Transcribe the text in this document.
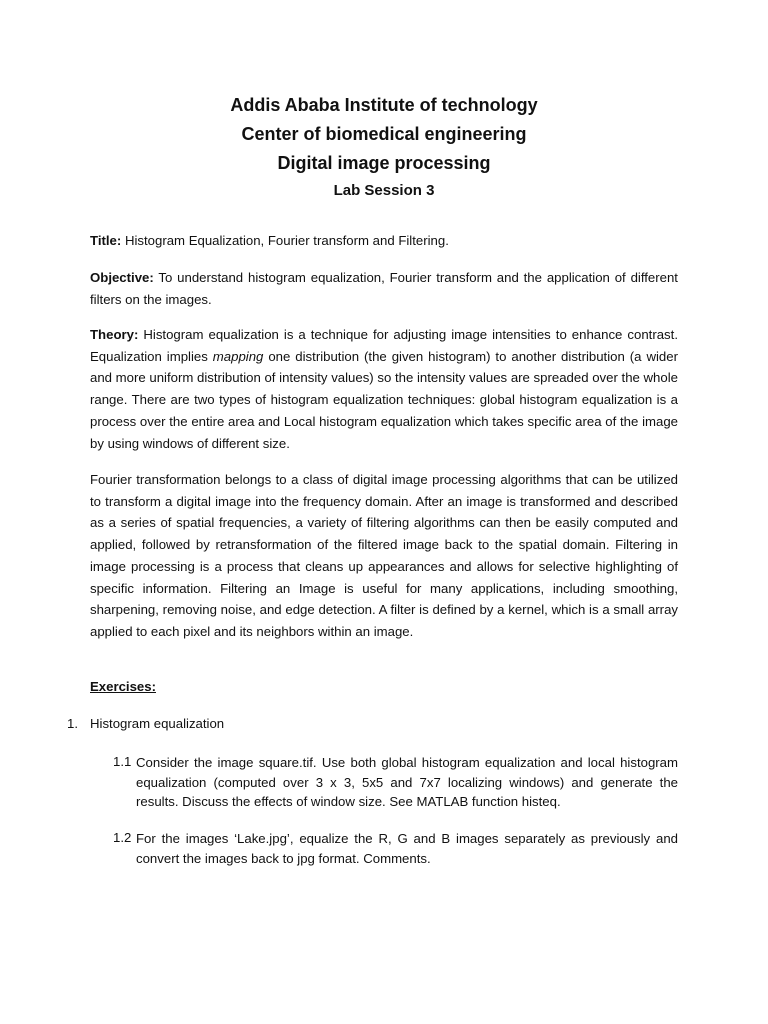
Addis Ababa Institute of technology
Center of biomedical engineering
Digital image processing
Lab Session 3
Title: Histogram Equalization, Fourier transform and Filtering.
Objective: To understand histogram equalization, Fourier transform and the application of different filters on the images.
Theory: Histogram equalization is a technique for adjusting image intensities to enhance contrast. Equalization implies mapping one distribution (the given histogram) to another distribution (a wider and more uniform distribution of intensity values) so the intensity values are spreaded over the whole range. There are two types of histogram equalization techniques: global histogram equalization is a process over the entire area and Local histogram equalization which takes specific area of the image by using windows of different size.
Fourier transformation belongs to a class of digital image processing algorithms that can be utilized to transform a digital image into the frequency domain. After an image is transformed and described as a series of spatial frequencies, a variety of filtering algorithms can then be easily computed and applied, followed by retransformation of the filtered image back to the spatial domain. Filtering in image processing is a process that cleans up appearances and allows for selective highlighting of specific information. Filtering an Image is useful for many applications, including smoothing, sharpening, removing noise, and edge detection. A filter is defined by a kernel, which is a small array applied to each pixel and its neighbors within an image.
Exercises:
1. Histogram equalization
1.1 Consider the image square.tif. Use both global histogram equalization and local histogram equalization (computed over 3 x 3, 5x5 and 7x7 localizing windows) and generate the results. Discuss the effects of window size. See MATLAB function histeq.
1.2 For the images ‘Lake.jpg’, equalize the R, G and B images separately as previously and convert the images back to jpg format. Comments.
